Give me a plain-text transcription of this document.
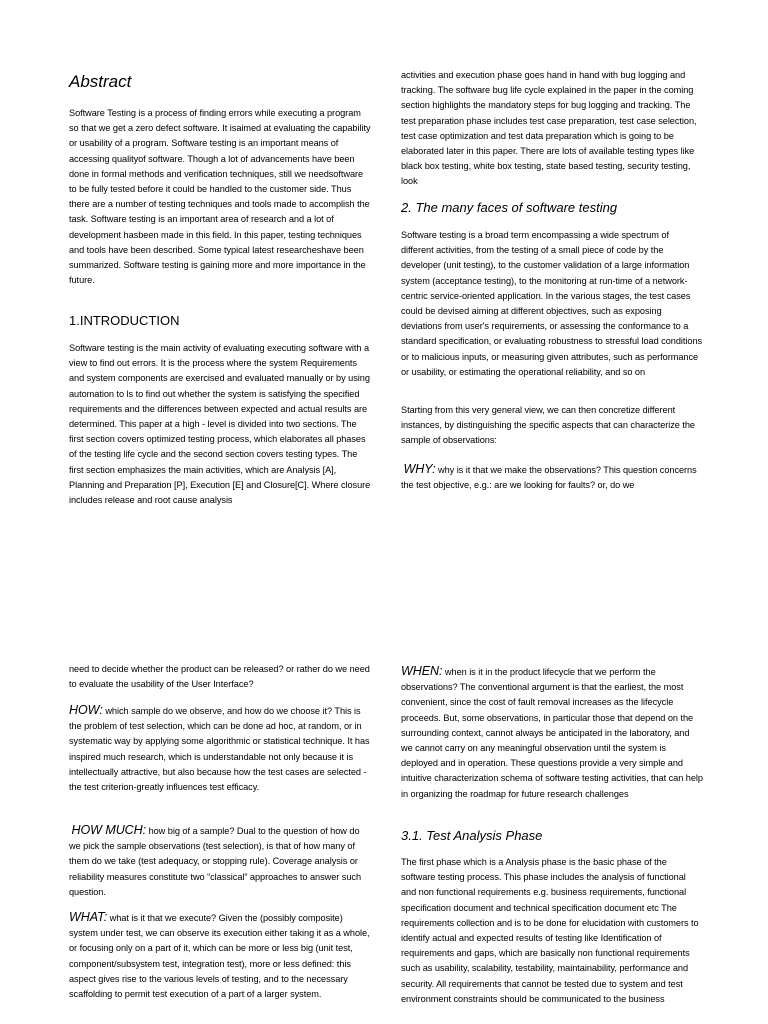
Abstract

Software Testing is a process of finding errors while executing a program so that we get a zero defect software. It isaimed at evaluating the capability or usability of a program. Software testing is an important means of accessing qualityof software. Though a lot of advancements have been done in formal methods and verification techniques, still we needsoftware to be fully tested before it could be handled to the customer side. Thus there are a number of testing techniques and tools made to accomplish the task. Software testing is an important area of research and a lot of development hasbeen made in this field. In this paper, testing techniques and tools have been described. Some typical latest researcheshave been summarized. Software testing is gaining more and more importance in the future.

1.INTRODUCTION

Software testing is the main activity of evaluating executing software with a view to find out errors. It is the process where the system Requirements and system components are exercised and evaluated manually or by using automation to ls to find out whether the system is satisfying the specified requirements and the differences between expected and actual results are determined. This paper at a high - level is divided into two sections. The first section covers optimized testing process, which elaborates all phases of the testing life cycle and the second section covers testing types. The first section emphasizes the main activities, which are Analysis [A], Planning and Preparation [P], Execution [E] and Closure[C]. Where closure includes release and root cause analysis

activities and execution phase goes hand in hand with bug logging and tracking. The software bug life cycle explained in the paper in the coming section highlights the mandatory steps for bug logging and tracking. The test preparation phase includes test case preparation, test case selection, test case optimization and test data preparation which is going to be elaborated later in this paper. There are lots of available testing types like black box testing, white box testing, state based testing, security testing, look

2. The many faces of software testing

Software testing is a broad term encompassing a wide spectrum of different activities, from the testing of a small piece of code by the developer (unit testing), to the customer validation of a large information system (acceptance testing), to the monitoring at run-time of a network-centric service-oriented application. In the various stages, the test cases could be devised aiming at different objectives, such as exposing deviations from user's requirements, or assessing the conformance to a standard specification, or evaluating robustness to stressful load conditions or to malicious inputs, or measuring given attributes, such as performance or usability, or estimating the operational reliability, and so on

Starting from this very general view, we can then concretize different instances, by distinguishing the specific aspects that can characterize the sample of observations:

WHY: why is it that we make the observations? This question concerns the test objective, e.g.: are we looking for faults? or, do we

need to decide whether the product can be released? or rather do we need to evaluate the usability of the User Interface?

HOW: which sample do we observe, and how do we choose it? This is the problem of test selection, which can be done ad hoc, at random, or in systematic way by applying some algorithmic or statistical technique. It has inspired much research, which is understandable not only because it is intellectually attractive, but also because how the test cases are selected -the test criterion-greatly influences test efficacy.

HOW MUCH: how big of a sample? Dual to the question of how do we pick the sample observations (test selection), is that of how many of them do we take (test adequacy, or stopping rule). Coverage analysis or reliability measures constitute two “classical” approaches to answer such question.

WHAT: what is it that we execute? Given the (possibly composite) system under test, we can observe its execution either taking it as a whole, or focusing only on a part of it, which can be more or less big (unit test, component/subsystem test, integration test), more or less defined: this aspect gives rise to the various levels of testing, and to the necessary scaffolding to permit test execution of a part of a larger system.

WHEN: when is it in the product lifecycle that we perform the observations? The conventional argument is that the earliest, the most convenient, since the cost of fault removal increases as the lifecycle proceeds. But, some observations, in particular those that depend on the surrounding context, cannot always be anticipated in the laboratory, and we cannot carry on any meaningful observation until the system is deployed and in operation. These questions provide a very simple and intuitive characterization schema of software testing activities, that can help in organizing the roadmap for future research challenges

3.1. Test Analysis Phase

The first phase which is a Analysis phase is the basic phase of the software testing process. This phase includes the analysis of functional and non functional requirements e.g. business requirements, functional specification document and technical specification document etc The requirements collection and is to be done for elucidation with customers to identify actual and expected results of testing like Identification of requirements and gaps, which are basically non functional requirements such as usability, scalability, testability, maintainability, performance and security. All requirements that cannot be tested due to system and test environment constraints should be communicated to the business
